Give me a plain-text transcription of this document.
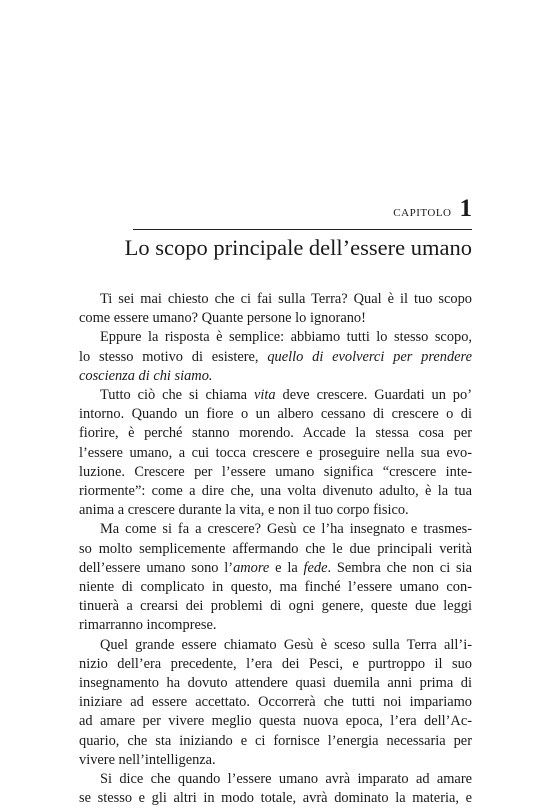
CAPITOLO 1
Lo scopo principale dell’essere umano
Ti sei mai chiesto che ci fai sulla Terra? Qual è il tuo scopo
come essere umano? Quante persone lo ignorano!
Eppure la risposta è semplice: abbiamo tutti lo stesso scopo,
lo stesso motivo di esistere, quello di evolverci per prendere
coscienza di chi siamo.
Tutto ciò che si chiama vita deve crescere. Guardati un po’
intorno. Quando un fiore o un albero cessano di crescere o di
fiorire, è perché stanno morendo. Accade la stessa cosa per
l’essere umano, a cui tocca crescere e proseguire nella sua evo-
luzione. Crescere per l’essere umano significa “crescere inte-
riormente”: come a dire che, una volta divenuto adulto, è la tua
anima a crescere durante la vita, e non il tuo corpo fisico.
Ma come si fa a crescere? Gesù ce l’ha insegnato e trasmes-
so molto semplicemente affermando che le due principali verità
dell’essere umano sono l’amore e la fede. Sembra che non ci sia
niente di complicato in questo, ma finché l’essere umano con-
tinuerà a crearsi dei problemi di ogni genere, queste due leggi
rimarranno incomprese.
Quel grande essere chiamato Gesù è sceso sulla Terra all’i-
nizio dell’era precedente, l’era dei Pesci, e purtroppo il suo
insegnamento ha dovuto attendere quasi duemila anni prima di
iniziare ad essere accettato. Occorrerà che tutti noi impariamo
ad amare per vivere meglio questa nuova epoca, l’era dell’Ac-
quario, che sta iniziando e ci fornisce l’energia necessaria per
vivere nell’intelligenza.
Si dice che quando l’essere umano avrà imparato ad amare
se stesso e gli altri in modo totale, avrà dominato la materia, e
